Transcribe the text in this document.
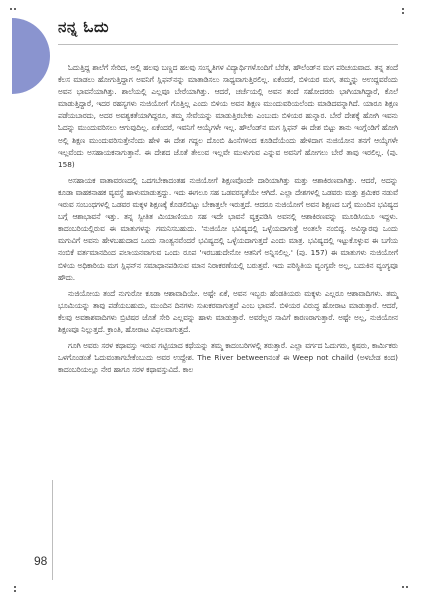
ನನ್ನ ಓದು

ಓದುತ್ತಿದ್ದ ಶಾಲೆಗೆ ಸೇರಿದ, ಅಲ್ಲಿ ಹಲವು ಬಣ್ಣದ ಹಲವು ಸಂಸ್ಕೃತಿಗಳ ವಿದ್ಯಾರ್ಥಿಗಳೊಂದಿಗೆ ಬೆರೆತ, ಹೌಲೆಂಡ್‌ನ ಮಗ ಪರಿಚಯವಾದ. ತನ್ನ ತಂದೆ ಕೆಲಸ ಮಾಡಲು ಹೋಗುತ್ತಿದ್ದಾಗ ಅವನಿಗೆ ಸ್ಲಿಫನ್‌ನನ್ನು ಮಾತಾಡಿಸಲು ಸಾಧ್ಯವಾಗುತ್ತಿರಲಿಲ್ಲ. ಏಕೆಂದರೆ, ಬಿಳಿಯರ ಮಗ, ತಮ್ಮನ್ನು ಅಉದ್ದವರೆಂದು ಅವನ ಭಾವನೆಯಾಗಿತ್ತು. ಶಾಲೆಯಲ್ಲಿ ಎಲ್ಲವೂ ಬೇರೆಯಾಗಿತ್ತು. ಆದರೆ, ಚರ್ಚೆಯಲ್ಲಿ ಅವನ ತಂದೆ ಸಹೋದರರು ಭಾಗಿಯಾಗಿದ್ದಾರೆ, ಕೊಲೆ ಮಾಡುತ್ತಿದ್ದಾರೆ, ಇದರ ರಹಸ್ಯಗಳು ನುಜಿಯೋಗೆ ಗೊತ್ತಿಲ್ಲ ಎಂದು ಬಿಳಿಯ ಅವನ ಶಿಕ್ಷಣ ಮುಂದುವರಿಯಲೆಂದು ಮಾಡಿದವನ್ನಾಗಿದೆ. ಯಾರೂ ಶಿಕ್ಷಣ ಪಡೆಯಬಾರದು, ಅದರ ಅವಶ್ಯಕತೆಯಾಗಿದ್ದರೂ, ತಮ್ಮ ಸೇವೆಯನ್ನು ಮಾಡುತ್ತಿರಬೇಕು ಎಂಬುದು ಬಿಳಿಯರ ಹುನ್ನಾರ. ಬೇರೆ ದೇಶಕ್ಕೆ ಹೋಗಿ ಇವನು ಓದನ್ನು ಮುಂದುವರಿಸಲು ಆಗುವುದಿಲ್ಲ. ಏಕೆಂದರೆ, ಇವನಿಗೆ ಆಯ್ಕೆಗಳೇ ಇಲ್ಲ. ಹೌಲೆಂಡ್‌ನ ಮಗ ಸ್ಲಿಫನ್ ಈ ದೇಶ ಬಿಟ್ಟು ತಾನು ಇಂಗ್ಲೆಂಡಿಗೆ ಹೋಗಿ ಅಲ್ಲಿ ಶಿಕ್ಷಣ ಮುಂದುವರಿಸುತ್ತೇನೆಂದು ಹೇಳಿ ಈ ದೇಶ ಗದ್ದಲ ದೊಂಬಿ ಹಿಂಸೆಗಳಿಂದ ಕೂಡಿದೆಯೆಂದು ಹೇಳಿದಾಗ ನುಜಿಯೋನ ತನಗೆ ಆಯ್ಕೆಗಳೇ ಇಲ್ಲವೆಂದು ಅಸಹಾಯಕನಾಗುತ್ತಾನೆ. ಈ ದೇಶದ ಜೊತೆ ತೇಲುವ ಇಲ್ಲವೇ ಮುಳುಗುವ ಎನ್ನುವ ಅವನಿಗೆ ಹೋಗಲು ಬೇರೆ ತಾವು ಇರಲಿಲ್ಲ. (ಪು. 158)

ಅಸಹಾಯಕ ವಾತಾವರಣದಲ್ಲಿ ಒದಗಬೇಕಾದಂತಹ ನುಜಿಯೋಗೆ ಶಿಕ್ಷಣವೊಂದೇ ದಾರಿಯಾಗಿತ್ತು ಮತ್ತು ಆಶಾಕಿರಣವಾಗಿತ್ತು. ಆದರೆ, ಅದನ್ನು ಕೂಡಾ ವಾಹಕನಾಹಕ ವ್ಯವಸ್ಥೆ ಹಾಳುಮಾಡುತ್ತದ್ದು. ಇದು ಈಗಲೂ ಸಹ ಒಡವರಸ್ಯತೆಯೇ ಆಗಿದೆ. ಎಲ್ಲಾ ದೇಶಗಳಲ್ಲಿ ಒಡವರು ಮತ್ತು ಶ್ರಮಿಕರ ನಡುವೆ ಇರುವ ಸಂಬಂಧಗಳಲ್ಲಿ ಒಡವರ ಮಕ್ಕಳ ಶಿಕ್ಷಣಕ್ಕೆ ಕೊಡಲಿಬಿಟ್ಟು ಬೇಕಾತ್ತಲೇ ಇರುತ್ತದೆ. ಆದರೂ ನುಜಿಯೋಗೆ ಅವನ ಶಿಕ್ಷಣದ ಬಗ್ಗೆ ಮುಂದಿನ ಭವಿಷ್ಯದ ಬಗ್ಗೆ ಆಶಾಭಾವನೆ ಇತ್ತು. ತನ್ನ ಸ್ವೀತಿತ ಮಿಯಾಣಿಯೂ ಸಹ ಇದೇ ಭಾವನೆ ವ್ಯಕ್ತಪಡಿಸಿ ಅವನಲ್ಲಿ ಆಶಾಕಿರಣವನ್ನು ಮೂಡಿಸಿಯೂ ಇದ್ದಳು. ಕಾದಂಬರಿಯಲ್ಲಿರುವ ಈ ಮಾತುಗಳನ್ನು ಗಮನಿಸಬಹುದು. 'ನುಜಿಯೋ ಭವಿಷ್ಯದಲ್ಲಿ ಒಳ್ಳೆಯದಾಗುತ್ತೆ ಅಂತಲೇ ನಂಬಿದ್ದ. ಅವಿಸ್ವಾರವು ಒಂದು ಮಗುವಿಗೆ ಅವನು ಹೇಳಬಹುದಾದ ಒಂದು ಸಾಂತ್ವನವೆಂದರೆ ಭವಿಷ್ಯದಲ್ಲಿ ಒಳ್ಳೆಯದಾಗುತ್ತದೆ ಎಂದು ಮಾತ್ರ. ಭವಿಷ್ಯದಲ್ಲಿ ಇಟ್ಟುಕೊಳ್ಳುವ ಈ ಬಗೆಯ ನಂಬಿಕೆ ವರ್ತಮಾನದಿಂದ ಪಲಾಯನವಾಗುವ ಒಂದು ರೂಪ 'ಇರಬಹುದೇನೋ ಆತನಿಗೆ ಅನ್ನಿಸಲಿಲ್ಲ.' (ಪು. 157) ಈ ಮಾತುಗಳು ನುಜಿಯೋಗೆ ಬಿಳಿಯ ಅಧಿಕಾರಿಯ ಮಗ ಸ್ಲಿಫನ್‌ನ ಸಮಾಧಾನಪಡಿಸುವ ಮಾನ ನಿರಾಕರಣೆಯಲ್ಲಿ ಬರುತ್ತವೆ. ಇದು ಪರಿಸ್ಥಿತಿಯ ವ್ಯಂಗ್ಯವೇ ಅಲ್ಲ, ಬದುಕಿನ ವ್ಯಂಗ್ಯವೂ ಹೌದು.

ನುಜಿಯೋಯ ತಂದೆ ನುಗುರೋ ಕೂಡಾ ಆಶಾವಾದಿಯೇ. ಅಷ್ಟೇ ಏಕೆ, ಅವನ ಇಬ್ಬರು ಹೆಂಡತಿಯರು ಮಕ್ಕಳು ಎಲ್ಲರೂ ಆಶಾವಾದಿಗಳು. ತಮ್ಮ ಭೂಮಿಯನ್ನು ತಾವು ಪಡೆಯಬಹುದು, ಮುಂದಿನ ದಿನಗಳು ಸುಖಕರವಾಗುತ್ತವೆ ಎಂಬ ಭಾವನೆ. ಬಿಳಿಯರ ವಿರುದ್ಧ ಹೋರಾಟ ಮಾಡುತ್ತಾರೆ. ಆದರೆ, ಕೆಲವು ಅವಕಾಶವಾದಿಗಳು ಬ್ರಿಟಿಷರ ಜೊತೆ ಸೇರಿ ಎಲ್ಲವನ್ನು ಹಾಳು ಮಾಡುತ್ತಾರೆ. ಅವರೆಲ್ಲರ ಸಾವಿಗೆ ಕಾರಣರಾಗುತ್ತಾರೆ. ಅಷ್ಟೇ ಅಲ್ಲ, ನುಜಿಯೋನ ಶಿಕ್ಷಣವೂ ನಿಲ್ಲುತ್ತದೆ. ಕ್ರಾಂತಿ, ಹೋರಾಟ ವಿಫಲವಾಗುತ್ತದೆ.

ಗೂಗಿ ಅವರು ಸರಳ ಕಥಾವಸ್ತು ಇರುವ ಗಟ್ಟಿಯಾದ ಕಥೆಯನ್ನು ತಮ್ಮ ಕಾದಂಬರಿಗಳಲ್ಲಿ ತರುತ್ತಾರೆ. ಎಲ್ಲಾ ವರ್ಗದ ಓದುಗರು, ಕೃಷರು, ಕಾರ್ಮಿಕರು ಒಳಗೊಂಡಂತೆ ಓದುವಂತಾಗಬೇಕೆಂಬುದು ಅವರ ಉದ್ದೇಶ. The River betweenನಂತೆ ಈ Weep not chaild (ಅಳಬೇಡ ಕಂದ) ಕಾದಂಬರಿಯಲ್ಲೂ ನೇರ ಹಾಗೂ ಸರಳ ಕಥಾವಸ್ತುವಿದೆ. ಕಾಲ

98
